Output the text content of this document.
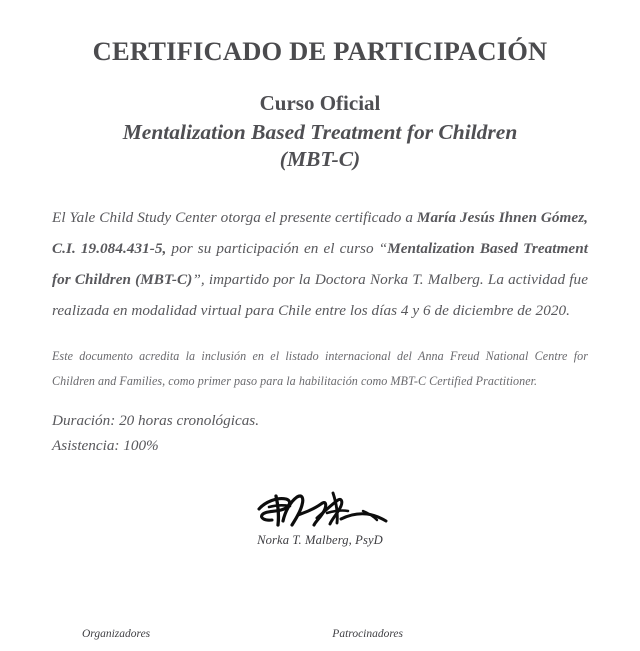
CERTIFICADO DE PARTICIPACIÓN
Curso Oficial
Mentalization Based Treatment for Children (MBT-C)

El Yale Child Study Center otorga el presente certificado a María Jesús Ihnen Gómez, C.I. 19.084.431-5, por su participación en el curso “Mentalization Based Treatment for Children (MBT-C)”, impartido por la Doctora Norka T. Malberg. La actividad fue realizada en modalidad virtual para Chile entre los días 4 y 6 de diciembre de 2020.

Este documento acredita la inclusión en el listado internacional del Anna Freud National Centre for Children and Families, como primer paso para la habilitación como MBT-C Certified Practitioner.

Duración: 20 horas cronológicas.
Asistencia: 100%
Norka T. Malberg, PsyD
Organizadores	Patrocinadores
